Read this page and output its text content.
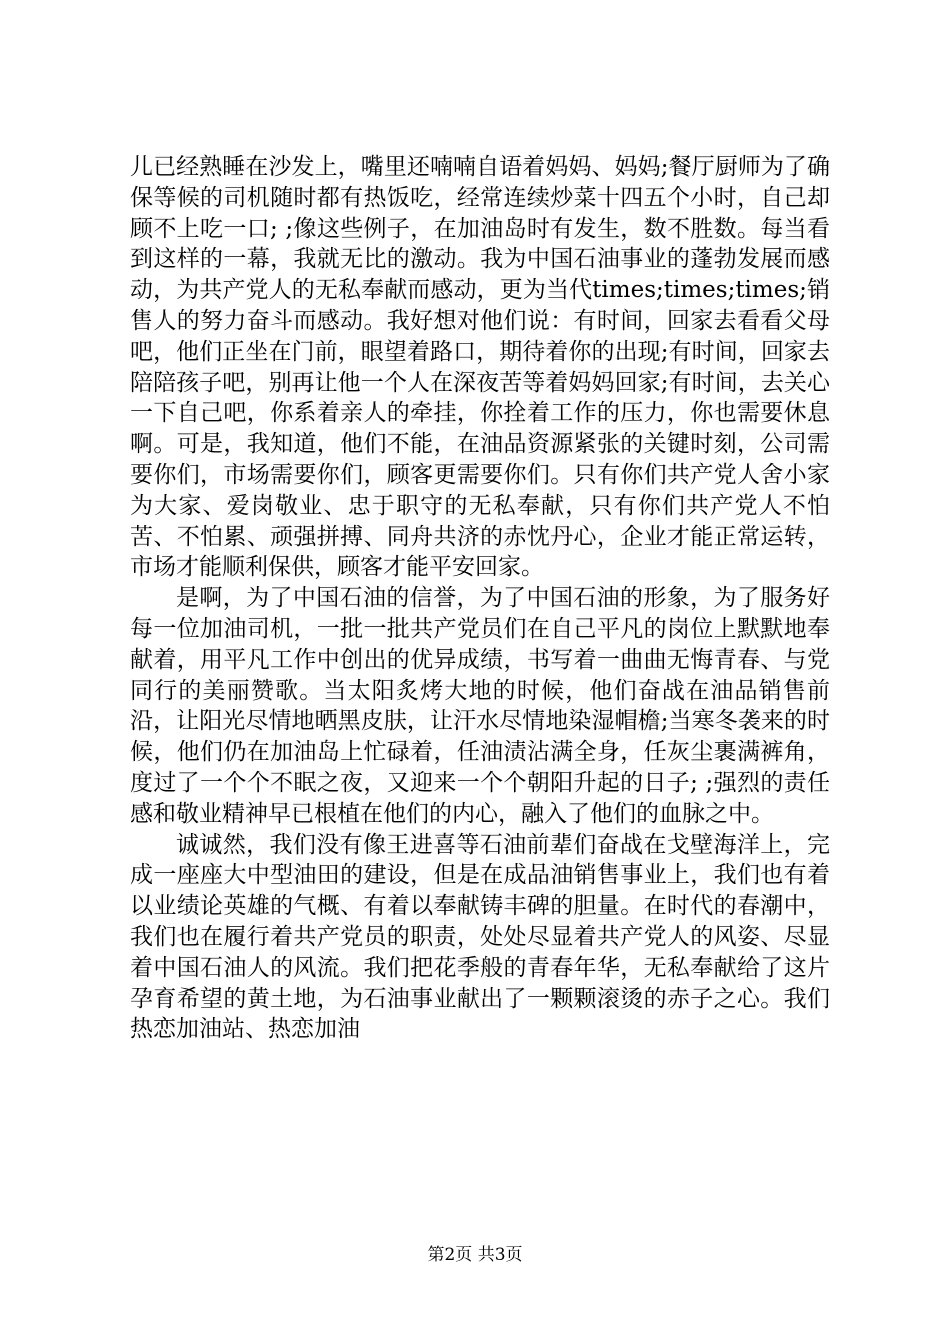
儿已经熟睡在沙发上，嘴里还喃喃自语着妈妈、妈妈;餐厅厨师为了确保等候的司机随时都有热饭吃，经常连续炒菜十四五个小时，自己却顾不上吃一口; ;像这些例子，在加油岛时有发生，数不胜数。每当看到这样的一幕，我就无比的激动。我为中国石油事业的蓬勃发展而感动，为共产党人的无私奉献而感动，更为当代times;times;times;销售人的努力奋斗而感动。我好想对他们说：有时间，回家去看看父母吧，他们正坐在门前，眼望着路口，期待着你的出现;有时间，回家去陪陪孩子吧，别再让他一个人在深夜苦等着妈妈回家;有时间，去关心一下自己吧，你系着亲人的牵挂，你拴着工作的压力，你也需要休息啊。可是，我知道，他们不能，在油品资源紧张的关键时刻，公司需要你们，市场需要你们，顾客更需要你们。只有你们共产党人舍小家为大家、爱岗敬业、忠于职守的无私奉献，只有你们共产党人不怕苦、不怕累、顽强拼搏、同舟共济的赤忱丹心，企业才能正常运转，市场才能顺利保供，顾客才能平安回家。

是啊，为了中国石油的信誉，为了中国石油的形象，为了服务好每一位加油司机，一批一批共产党员们在自己平凡的岗位上默默地奉献着，用平凡工作中创出的优异成绩，书写着一曲曲无悔青春、与党同行的美丽赞歌。当太阳炙烤大地的时候，他们奋战在油品销售前沿，让阳光尽情地晒黑皮肤，让汗水尽情地染湿帽檐;当寒冬袭来的时候，他们仍在加油岛上忙碌着，任油渍沾满全身，任灰尘裹满裤角，度过了一个个不眠之夜，又迎来一个个朝阳升起的日子; ;强烈的责任感和敬业精神早已根植在他们的内心，融入了他们的血脉之中。

诚诚然，我们没有像王进喜等石油前辈们奋战在戈壁海洋上，完成一座座大中型油田的建设，但是在成品油销售事业上，我们也有着以业绩论英雄的气概、有着以奉献铸丰碑的胆量。在时代的春潮中，我们也在履行着共产党员的职责，处处尽显着共产党人的风姿、尽显着中国石油人的风流。我们把花季般的青春年华，无私奉献给了这片孕育希望的黄土地，为石油事业献出了一颗颗滚烫的赤子之心。我们热恋加油站、热恋加油

第2页 共3页
